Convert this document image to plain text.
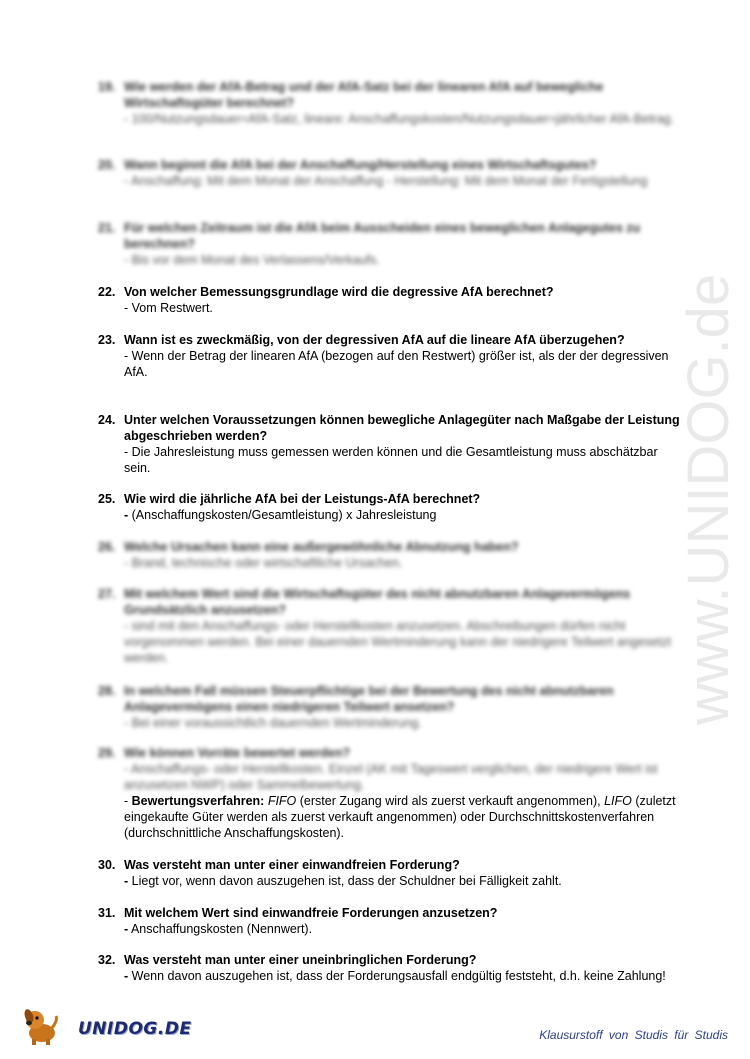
www.UNIDOG.de
19. Wie werden der AfA-Betrag und der AfA-Satz bei der linearen AfA auf bewegliche Wirtschaftsgüter berechnet?
- 100/Nutzungsdauer=AfA-Satz, lineare: Anschaffungskosten/Nutzungsdauer=jährlicher AfA-Betrag.
20. Wann beginnt die AfA bei der Anschaffung/Herstellung eines Wirtschaftsgutes?
- Anschaffung: Mit dem Monat der Anschaffung - Herstellung: Mit dem Monat der Fertigstellung
21. Für welchen Zeitraum ist die AfA beim Ausscheiden eines beweglichen Anlagegutes zu berechnen?
- Bis vor dem Monat des Verlassens/Verkaufs.
22. Von welcher Bemessungsgrundlage wird die degressive AfA berechnet?
- Vom Restwert.
23. Wann ist es zweckmäßig, von der degressiven AfA auf die lineare AfA überzugehen?
- Wenn der Betrag der linearen AfA (bezogen auf den Restwert) größer ist, als der der degressiven AfA.
24. Unter welchen Voraussetzungen können bewegliche Anlagegüter nach Maßgabe der Leistung abgeschrieben werden?
- Die Jahresleistung muss gemessen werden können und die Gesamtleistung muss abschätzbar sein.
25. Wie wird die jährliche AfA bei der Leistungs-AfA berechnet?
- (Anschaffungskosten/Gesamtleistung) x Jahresleistung
26. Welche Ursachen kann eine außergewöhnliche Abnutzung haben?
- Brand, technische oder wirtschaftliche Ursachen.
27. Mit welchem Wert sind die Wirtschaftsgüter des nicht abnutzbaren Anlagevermögens Grundsätzlich anzusetzen?
- sind mit den Anschaffungs- oder Herstellkosten anzusetzen. Abschreibungen dürfen nicht vorgenommen werden. Bei einer dauernden Wertminderung kann der niedrigere Teilwert angesetzt werden.
28. In welchem Fall müssen Steuerpflichtige bei der Bewertung des nicht abnutzbaren Anlagevermögens einen niedrigeren Teilwert ansetzen?
- Bei einer voraussichtlich dauernden Wertminderung.
29. Wie können Vorräte bewertet werden?
- Anschaffungs- oder Herstellkosten. Einzel (AK mit Tageswert verglichen, der niedrigere Wert ist anzusetzen NWP) oder Sammelbewertung.
- Bewertungsverfahren: FIFO (erster Zugang wird als zuerst verkauft angenommen), LIFO (zuletzt eingekaufte Güter werden als zuerst verkauft angenommen) oder Durchschnittskostenverfahren (durchschnittliche Anschaffungskosten).
30. Was versteht man unter einer einwandfreien Forderung?
- Liegt vor, wenn davon auszugehen ist, dass der Schuldner bei Fälligkeit zahlt.
31. Mit welchem Wert sind einwandfreie Forderungen anzusetzen?
- Anschaffungskosten (Nennwert).
32. Was versteht man unter einer uneinbringlichen Forderung?
- Wenn davon auszugehen ist, dass der Forderungsausfall endgültig feststeht, d.h. keine Zahlung!
UNIDOG.DE	Klausurstoff von Studis für Studis
